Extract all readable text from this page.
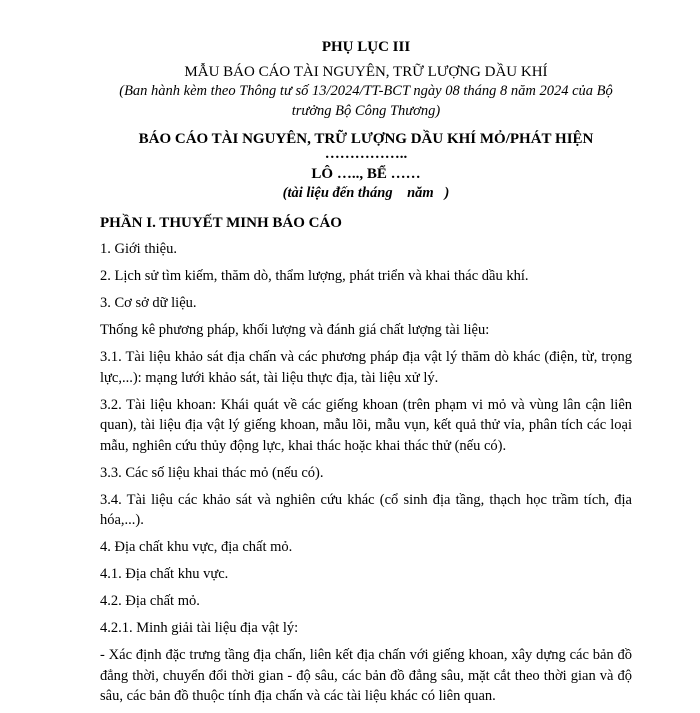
PHỤ LỤC III

MẪU BÁO CÁO TÀI NGUYÊN, TRỮ LƯỢNG DẦU KHÍ

(Ban hành kèm theo Thông tư số 13/2024/TT-BCT ngày 08 tháng 8 năm 2024 của Bộ trưởng Bộ Công Thương)

BÁO CÁO TÀI NGUYÊN, TRỮ LƯỢNG DẦU KHÍ MỎ/PHÁT HIỆN

……………..

LÔ ….., BỂ ……

(tài liệu đến tháng    năm   )

PHẦN I. THUYẾT MINH BÁO CÁO

1. Giới thiệu.

2. Lịch sử tìm kiếm, thăm dò, thẩm lượng, phát triển và khai thác dầu khí.

3. Cơ sở dữ liệu.

Thống kê phương pháp, khối lượng và đánh giá chất lượng tài liệu:

3.1. Tài liệu khảo sát địa chấn và các phương pháp địa vật lý thăm dò khác (điện, từ, trọng lực,...): mạng lưới khảo sát, tài liệu thực địa, tài liệu xử lý.

3.2. Tài liệu khoan: Khái quát về các giếng khoan (trên phạm vi mỏ và vùng lân cận liên quan), tài liệu địa vật lý giếng khoan, mẫu lõi, mẫu vụn, kết quả thử vỉa, phân tích các loại mẫu, nghiên cứu thủy động lực, khai thác hoặc khai thác thử (nếu có).

3.3. Các số liệu khai thác mỏ (nếu có).

3.4. Tài liệu các khảo sát và nghiên cứu khác (cổ sinh địa tầng, thạch học trầm tích, địa hóa,...).

4. Địa chất khu vực, địa chất mỏ.

4.1. Địa chất khu vực.

4.2. Địa chất mỏ.

4.2.1. Minh giải tài liệu địa vật lý:

- Xác định đặc trưng tầng địa chấn, liên kết địa chấn với giếng khoan, xây dựng các bản đồ đẳng thời, chuyển đổi thời gian - độ sâu, các bản đồ đẳng sâu, mặt cắt theo thời gian và độ sâu, các bản đồ thuộc tính địa chấn và các tài liệu khác có liên quan.
